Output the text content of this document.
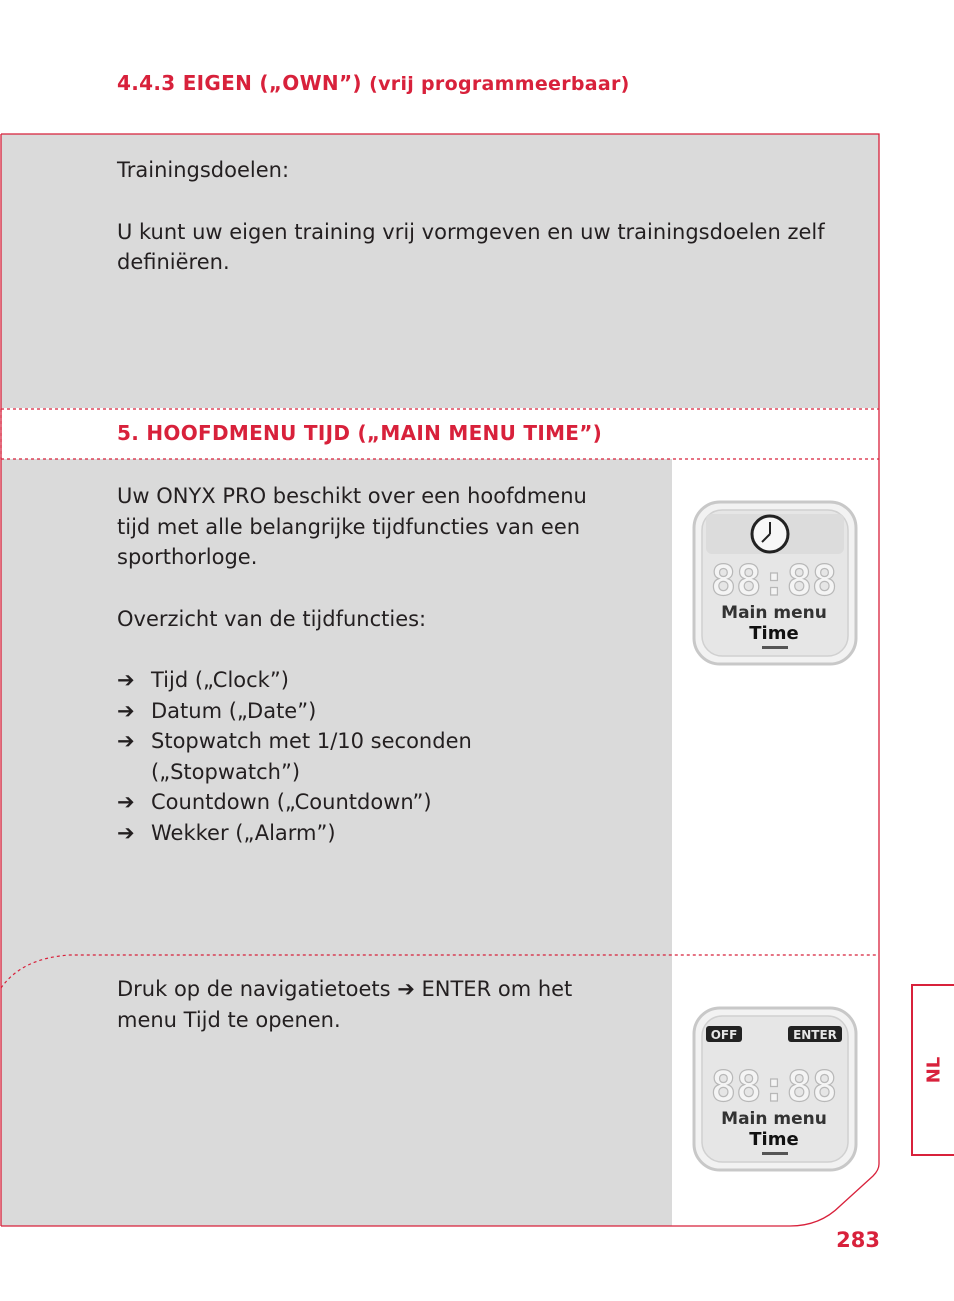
4.4.3 EIGEN („OWN”) (vrij programmeerbaar)

Trainingsdoelen:

U kunt uw eigen training vrij vormgeven en uw trainingsdoelen zelf definiëren.

5. HOOFDMENU TIJD („MAIN MENU TIME”)

Uw ONYX PRO beschikt over een hoofdmenu tijd met alle belangrijke tijdfuncties van een sporthorloge.

Overzicht van de tijdfuncties:

➔ Tijd („Clock”)
➔ Datum („Date”)
➔ Stopwatch met 1/10 seconden („Stopwatch”)
➔ Countdown („Countdown”)
➔ Wekker („Alarm”)

Druk op de navigatietoets ➔ ENTER om het menu Tijd te openen.

88:88
Main menu
Time
OFF	ENTER
88:88
Main menu
Time
NL
283
